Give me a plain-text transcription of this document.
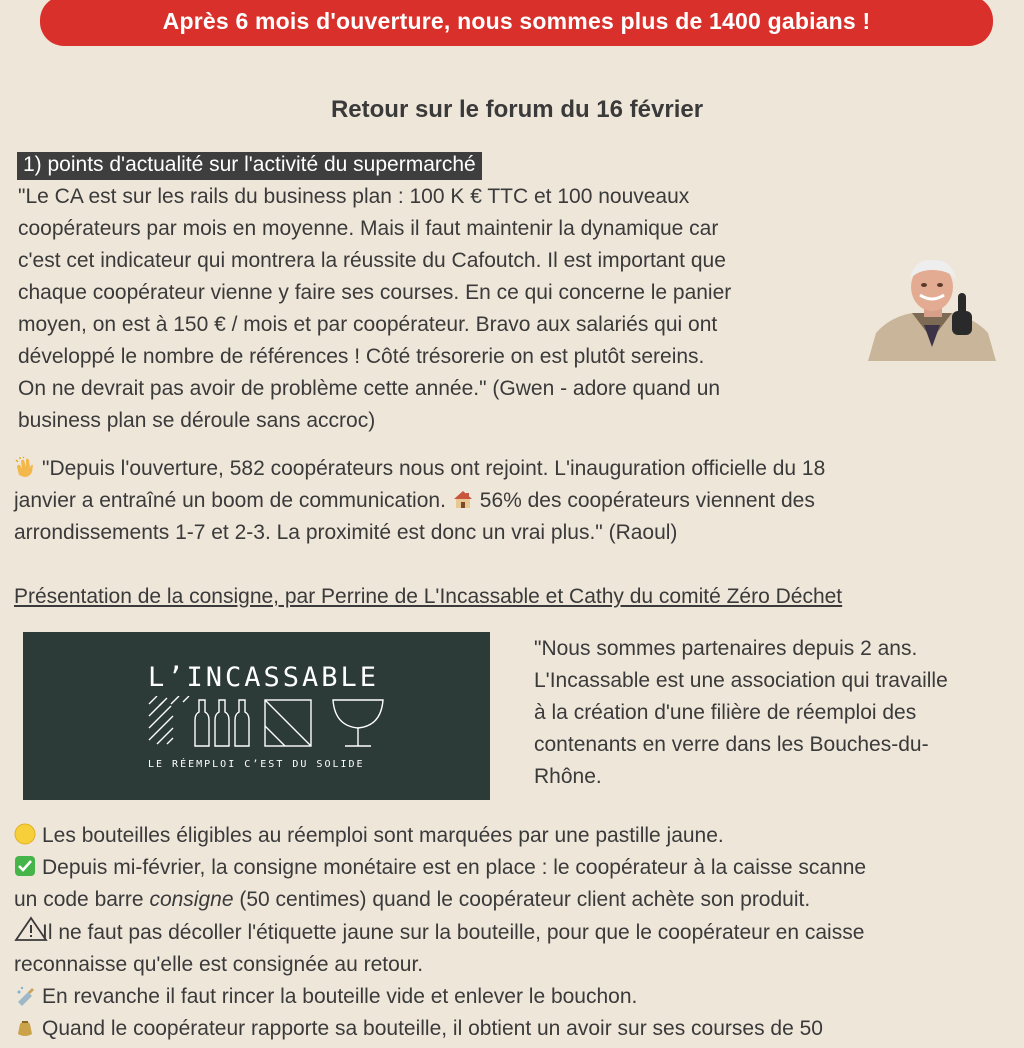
Après 6 mois d'ouverture, nous sommes plus de 1400 gabians !
Retour sur le forum du 16 février
1) points d'actualité sur l'activité du supermarché
"Le CA est sur les rails du business plan : 100 K € TTC et 100 nouveaux
coopérateurs par mois en moyenne. Mais il faut maintenir la dynamique car
c'est cet indicateur qui montrera la réussite du Cafoutch. Il est important que
chaque coopérateur vienne y faire ses courses. En ce qui concerne le panier
moyen, on est à 150 € / mois et par coopérateur. Bravo aux salariés qui ont
développé le nombre de références ! Côté trésorerie on est plutôt sereins.
On ne devrait pas avoir de problème cette année." (Gwen - adore quand un
business plan se déroule sans accroc)
"Depuis l'ouverture, 582 coopérateurs nous ont rejoint. L'inauguration officielle du 18
janvier a entraîné un boom de communication. 56% des coopérateurs viennent des
arrondissements 1-7 et 2-3. La proximité est donc un vrai plus." (Raoul)
Présentation de la consigne, par Perrine de L'Incassable et Cathy du comité Zéro Déchet
L’INCASSABLE
LE RÉEMPLOI C’EST DU SOLIDE
"Nous sommes partenaires depuis 2 ans.
L'Incassable est une association qui travaille
à la création d'une filière de réemploi des
contenants en verre dans les Bouches-du-
Rhône.
Les bouteilles éligibles au réemploi sont marquées par une pastille jaune.
Depuis mi-février, la consigne monétaire est en place : le coopérateur à la caisse scanne
un code barre consigne (50 centimes) quand le coopérateur client achète son produit.
Il ne faut pas décoller l'étiquette jaune sur la bouteille, pour que le coopérateur en caisse
reconnaisse qu'elle est consignée au retour.
En revanche il faut rincer la bouteille vide et enlever le bouchon.
Quand le coopérateur rapporte sa bouteille, il obtient un avoir sur ses courses de 50
